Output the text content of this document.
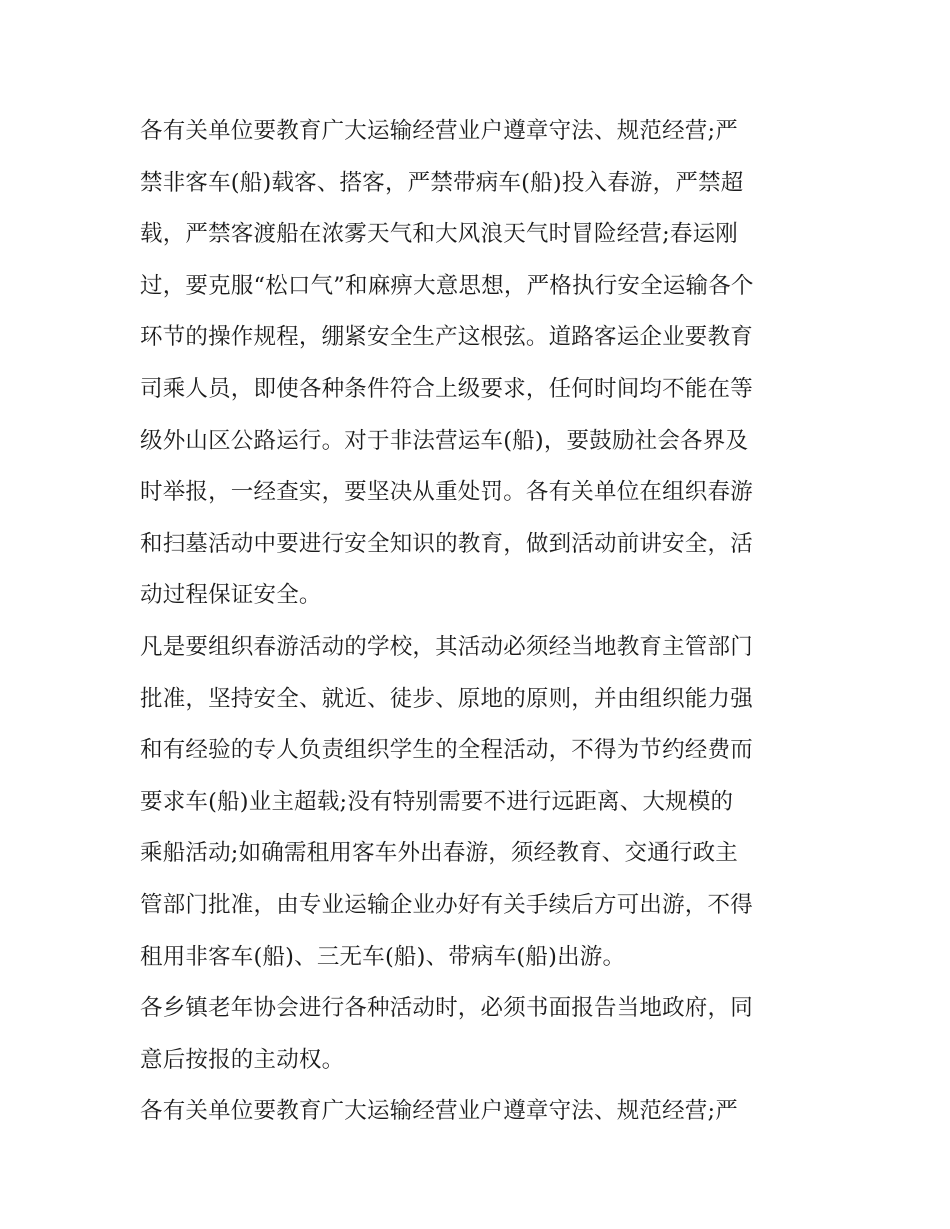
各有关单位要教育广大运输经营业户遵章守法、规范经营;严
禁非客车(船)载客、搭客，严禁带病车(船)投入春游，严禁超
载，严禁客渡船在浓雾天气和大风浪天气时冒险经营;春运刚
过，要克服“松口气”和麻痹大意思想，严格执行安全运输各个
环节的操作规程，绷紧安全生产这根弦。道路客运企业要教育
司乘人员，即使各种条件符合上级要求，任何时间均不能在等
级外山区公路运行。对于非法营运车(船)，要鼓励社会各界及
时举报，一经查实，要坚决从重处罚。各有关单位在组织春游
和扫墓活动中要进行安全知识的教育，做到活动前讲安全，活
动过程保证安全。
凡是要组织春游活动的学校，其活动必须经当地教育主管部门
批准，坚持安全、就近、徒步、原地的原则，并由组织能力强
和有经验的专人负责组织学生的全程活动，不得为节约经费而
要求车(船)业主超载;没有特别需要不进行远距离、大规模的
乘船活动;如确需租用客车外出春游，须经教育、交通行政主
管部门批准，由专业运输企业办好有关手续后方可出游，不得
租用非客车(船)、三无车(船)、带病车(船)出游。
各乡镇老年协会进行各种活动时，必须书面报告当地政府，同
意后按报的主动权。
各有关单位要教育广大运输经营业户遵章守法、规范经营;严
